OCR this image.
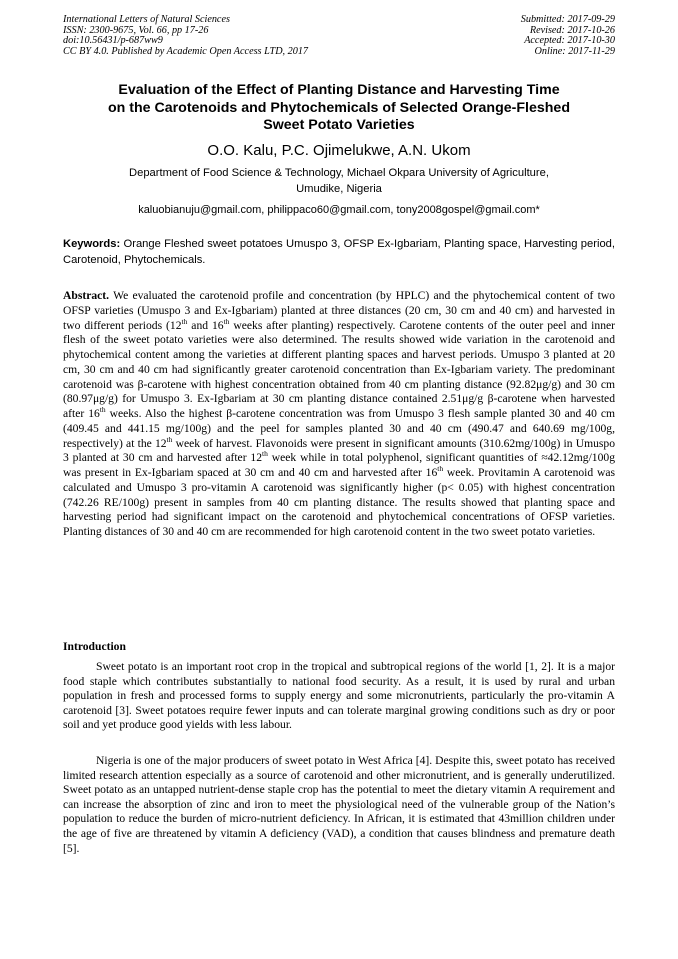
International Letters of Natural Sciences
ISSN: 2300-9675, Vol. 66, pp 17-26
doi:10.56431/p-687ww9
CC BY 4.0. Published by Academic Open Access LTD, 2017
Submitted: 2017-09-29
Revised: 2017-10-26
Accepted: 2017-10-30
Online: 2017-11-29
Evaluation of the Effect of Planting Distance and Harvesting Time
on the Carotenoids and Phytochemicals of Selected Orange-Fleshed
Sweet Potato Varieties
O.O. Kalu, P.C. Ojimelukwe, A.N. Ukom
Department of Food Science & Technology, Michael Okpara University of Agriculture,
Umudike, Nigeria
kaluobianuju@gmail.com, philippaco60@gmail.com, tony2008gospel@gmail.com*
Keywords: Orange Fleshed sweet potatoes Umuspo 3, OFSP Ex-Igbariam, Planting space, Harvesting period, Carotenoid, Phytochemicals.
Abstract. We evaluated the carotenoid profile and concentration (by HPLC) and the phytochemical content of two OFSP varieties (Umuspo 3 and Ex-Igbariam) planted at three distances (20 cm, 30 cm and 40 cm) and harvested in two different periods (12th and 16th weeks after planting) respectively. Carotene contents of the outer peel and inner flesh of the sweet potato varieties were also determined. The results showed wide variation in the carotenoid and phytochemical content among the varieties at different planting spaces and harvest periods. Umuspo 3 planted at 20 cm, 30 cm and 40 cm had significantly greater carotenoid concentration than Ex-Igbariam variety. The predominant carotenoid was β-carotene with highest concentration obtained from 40 cm planting distance (92.82μg/g) and 30 cm (80.97μg/g) for Umuspo 3. Ex-Igbariam at 30 cm planting distance contained 2.51μg/g β-carotene when harvested after 16th weeks. Also the highest β-carotene concentration was from Umuspo 3 flesh sample planted 30 and 40 cm (409.45 and 441.15 mg/100g) and the peel for samples planted 30 and 40 cm (490.47 and 640.69 mg/100g, respectively) at the 12th week of harvest. Flavonoids were present in significant amounts (310.62mg/100g) in Umuspo 3 planted at 30 cm and harvested after 12th week while in total polyphenol, significant quantities of ≈42.12mg/100g was present in Ex-Igbariam spaced at 30 cm and 40 cm and harvested after 16th week. Provitamin A carotenoid was calculated and Umuspo 3 pro-vitamin A carotenoid was significantly higher (p< 0.05) with highest concentration (742.26 RE/100g) present in samples from 40 cm planting distance. The results showed that planting space and harvesting period had significant impact on the carotenoid and phytochemical concentrations of OFSP varieties. Planting distances of 30 and 40 cm are recommended for high carotenoid content in the two sweet potato varieties.
Introduction
Sweet potato is an important root crop in the tropical and subtropical regions of the world [1, 2]. It is a major food staple which contributes substantially to national food security. As a result, it is used by rural and urban population in fresh and processed forms to supply energy and some micronutrients, particularly the pro-vitamin A carotenoid [3]. Sweet potatoes require fewer inputs and can tolerate marginal growing conditions such as dry or poor soil and yet produce good yields with less labour.
Nigeria is one of the major producers of sweet potato in West Africa [4]. Despite this, sweet potato has received limited research attention especially as a source of carotenoid and other micronutrient, and is generally underutilized. Sweet potato as an untapped nutrient-dense staple crop has the potential to meet the dietary vitamin A requirement and can increase the absorption of zinc and iron to meet the physiological need of the vulnerable group of the Nation’s population to reduce the burden of micro-nutrient deficiency. In African, it is estimated that 43million children under the age of five are threatened by vitamin A deficiency (VAD), a condition that causes blindness and premature death [5].
